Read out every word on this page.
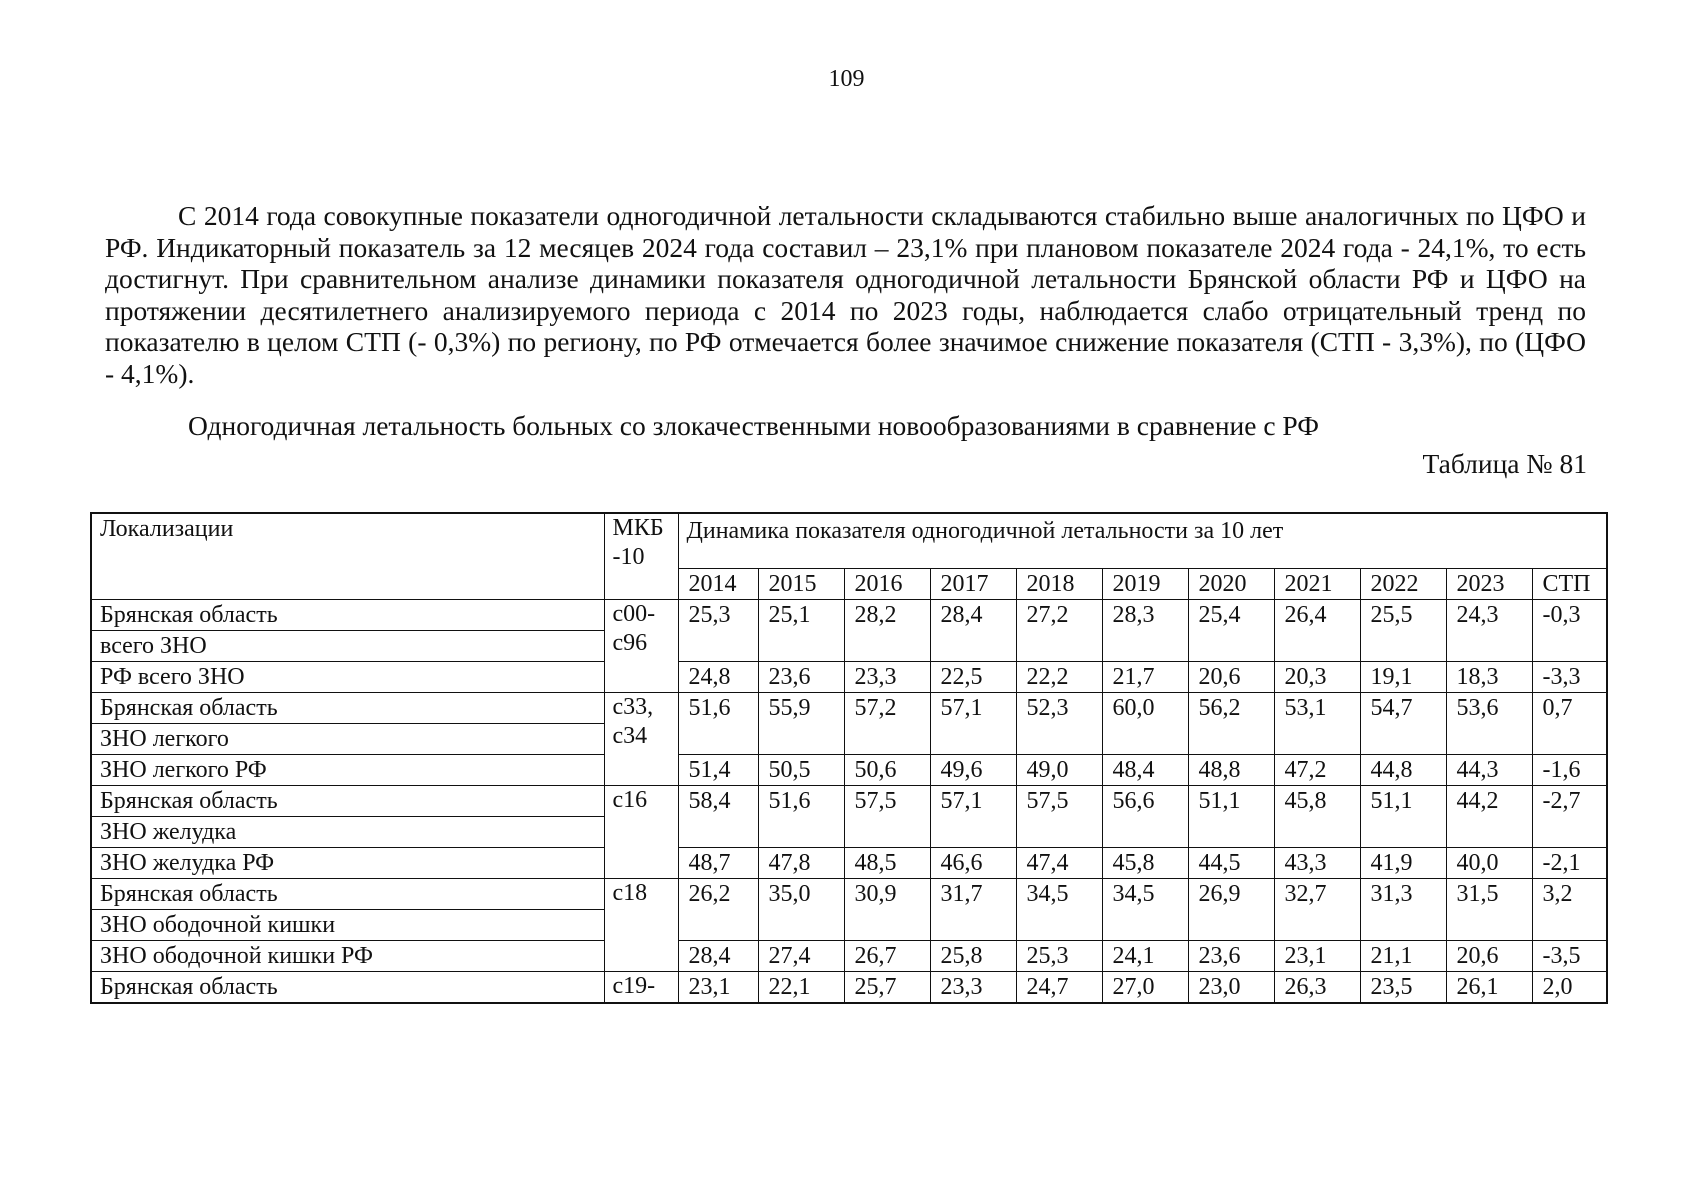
109

С 2014 года совокупные показатели одногодичной летальности складываются стабильно выше аналогичных по ЦФО и РФ. Индикаторный показатель за 12 месяцев 2024 года составил – 23,1% при плановом показателе 2024 года - 24,1%, то есть достигнут. При сравнительном анализе динамики показателя одногодичной летальности Брянской области РФ и ЦФО на протяжении десятилетнего анализируемого периода с 2014 по 2023 годы, наблюдается слабо отрицательный тренд по показателю в целом СТП (- 0,3%) по региону, по РФ отмечается более значимое снижение показателя (СТП - 3,3%), по (ЦФО - 4,1%).

Одногодичная летальность больных со злокачественными новообразованиями в сравнение с РФ
Таблица № 81
Локализации	МКБ -10	Динамика показателя одногодичной летальности за 10 лет										
		2014	2015	2016	2017	2018	2019	2020	2021	2022	2023	СТП
Брянская область	с00- с96	25,3	25,1	28,2	28,4	27,2	28,3	25,4	26,4	25,5	24,3	-0,3
всего ЗНО												
РФ всего ЗНО		24,8	23,6	23,3	22,5	22,2	21,7	20,6	20,3	19,1	18,3	-3,3
Брянская область	с33, с34	51,6	55,9	57,2	57,1	52,3	60,0	56,2	53,1	54,7	53,6	0,7
ЗНО легкого												
ЗНО легкого РФ		51,4	50,5	50,6	49,6	49,0	48,4	48,8	47,2	44,8	44,3	-1,6
Брянская область	с16	58,4	51,6	57,5	57,1	57,5	56,6	51,1	45,8	51,1	44,2	-2,7
ЗНО желудка												
ЗНО желудка РФ		48,7	47,8	48,5	46,6	47,4	45,8	44,5	43,3	41,9	40,0	-2,1
Брянская область	с18	26,2	35,0	30,9	31,7	34,5	34,5	26,9	32,7	31,3	31,5	3,2
ЗНО ободочной кишки												
ЗНО ободочной кишки РФ		28,4	27,4	26,7	25,8	25,3	24,1	23,6	23,1	21,1	20,6	-3,5
Брянская область	с19-	23,1	22,1	25,7	23,3	24,7	27,0	23,0	26,3	23,5	26,1	2,0
